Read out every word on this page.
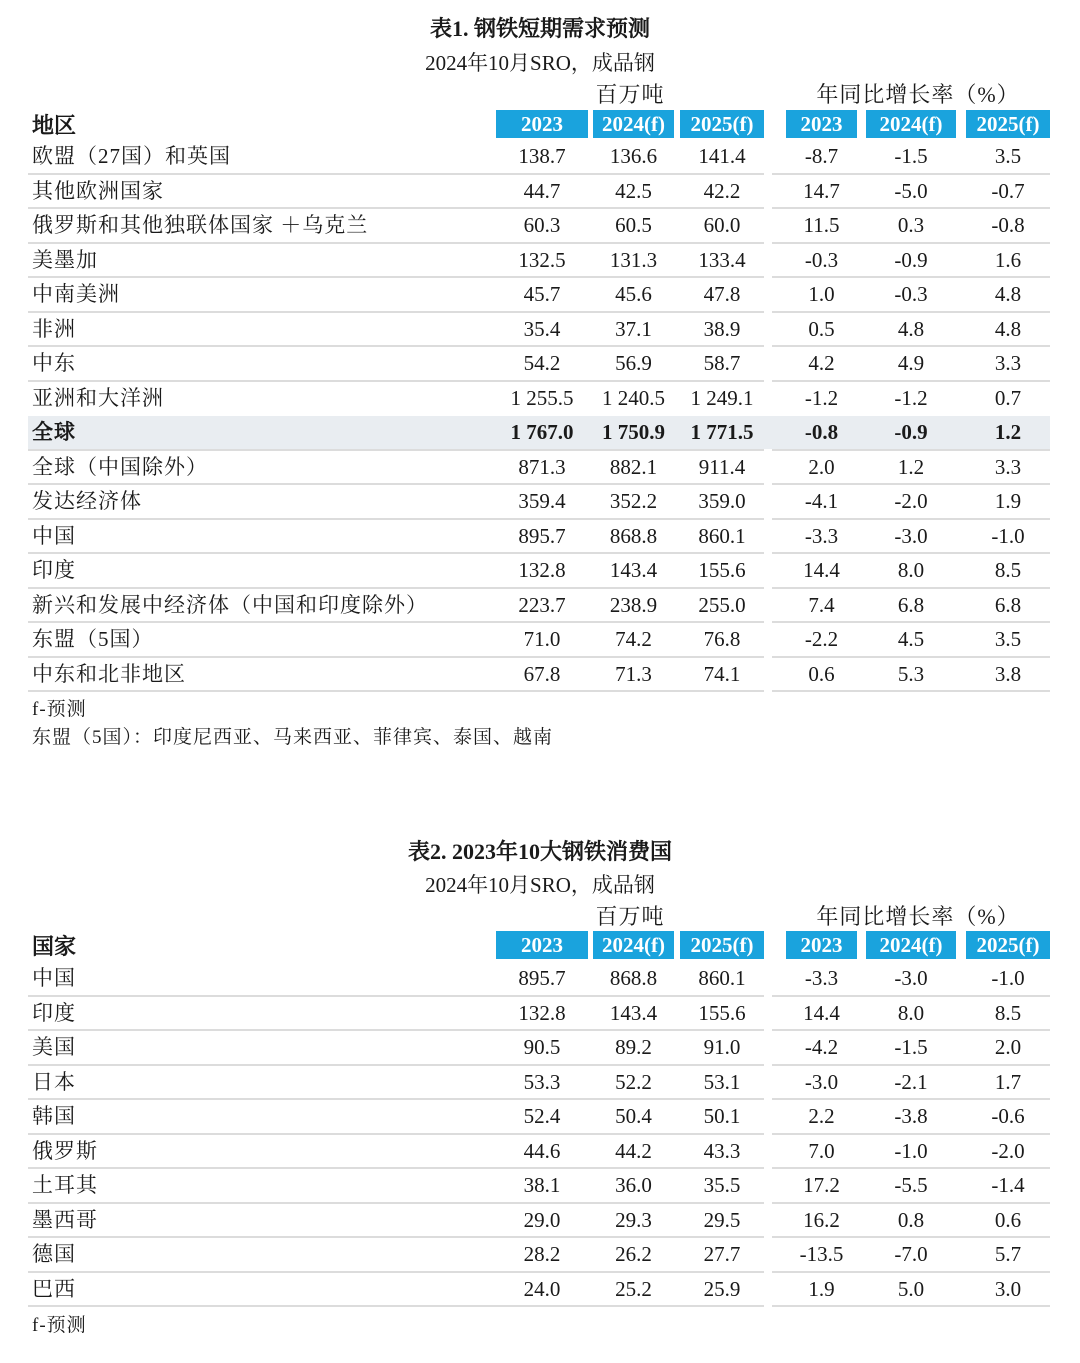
表1. 钢铁短期需求预测
2024年10月SRO，成品钢
百万吨	年同比增长率（%）
地区	2023	2024(f)	2025(f)	2023	2024(f)	2025(f)
欧盟（27国）和英国	138.7	136.6	141.4	-8.7	-1.5	3.5
其他欧洲国家	44.7	42.5	42.2	14.7	-5.0	-0.7
俄罗斯和其他独联体国家 ＋乌克兰	60.3	60.5	60.0	11.5	0.3	-0.8
美墨加	132.5	131.3	133.4	-0.3	-0.9	1.6
中南美洲	45.7	45.6	47.8	1.0	-0.3	4.8
非洲	35.4	37.1	38.9	0.5	4.8	4.8
中东	54.2	56.9	58.7	4.2	4.9	3.3
亚洲和大洋洲	1 255.5	1 240.5	1 249.1	-1.2	-1.2	0.7
全球	1 767.0	1 750.9	1 771.5	-0.8	-0.9	1.2
全球（中国除外）	871.3	882.1	911.4	2.0	1.2	3.3
发达经济体	359.4	352.2	359.0	-4.1	-2.0	1.9
中国	895.7	868.8	860.1	-3.3	-3.0	-1.0
印度	132.8	143.4	155.6	14.4	8.0	8.5
新兴和发展中经济体（中国和印度除外）	223.7	238.9	255.0	7.4	6.8	6.8
东盟（5国）	71.0	74.2	76.8	-2.2	4.5	3.5
中东和北非地区	67.8	71.3	74.1	0.6	5.3	3.8
f-预测
东盟（5国）：印度尼西亚、马来西亚、菲律宾、泰国、越南
表2. 2023年10大钢铁消费国
2024年10月SRO，成品钢
百万吨	年同比增长率（%）
国家	2023	2024(f)	2025(f)	2023	2024(f)	2025(f)
中国	895.7	868.8	860.1	-3.3	-3.0	-1.0
印度	132.8	143.4	155.6	14.4	8.0	8.5
美国	90.5	89.2	91.0	-4.2	-1.5	2.0
日本	53.3	52.2	53.1	-3.0	-2.1	1.7
韩国	52.4	50.4	50.1	2.2	-3.8	-0.6
俄罗斯	44.6	44.2	43.3	7.0	-1.0	-2.0
土耳其	38.1	36.0	35.5	17.2	-5.5	-1.4
墨西哥	29.0	29.3	29.5	16.2	0.8	0.6
德国	28.2	26.2	27.7	-13.5	-7.0	5.7
巴西	24.0	25.2	25.9	1.9	5.0	3.0
f-预测
